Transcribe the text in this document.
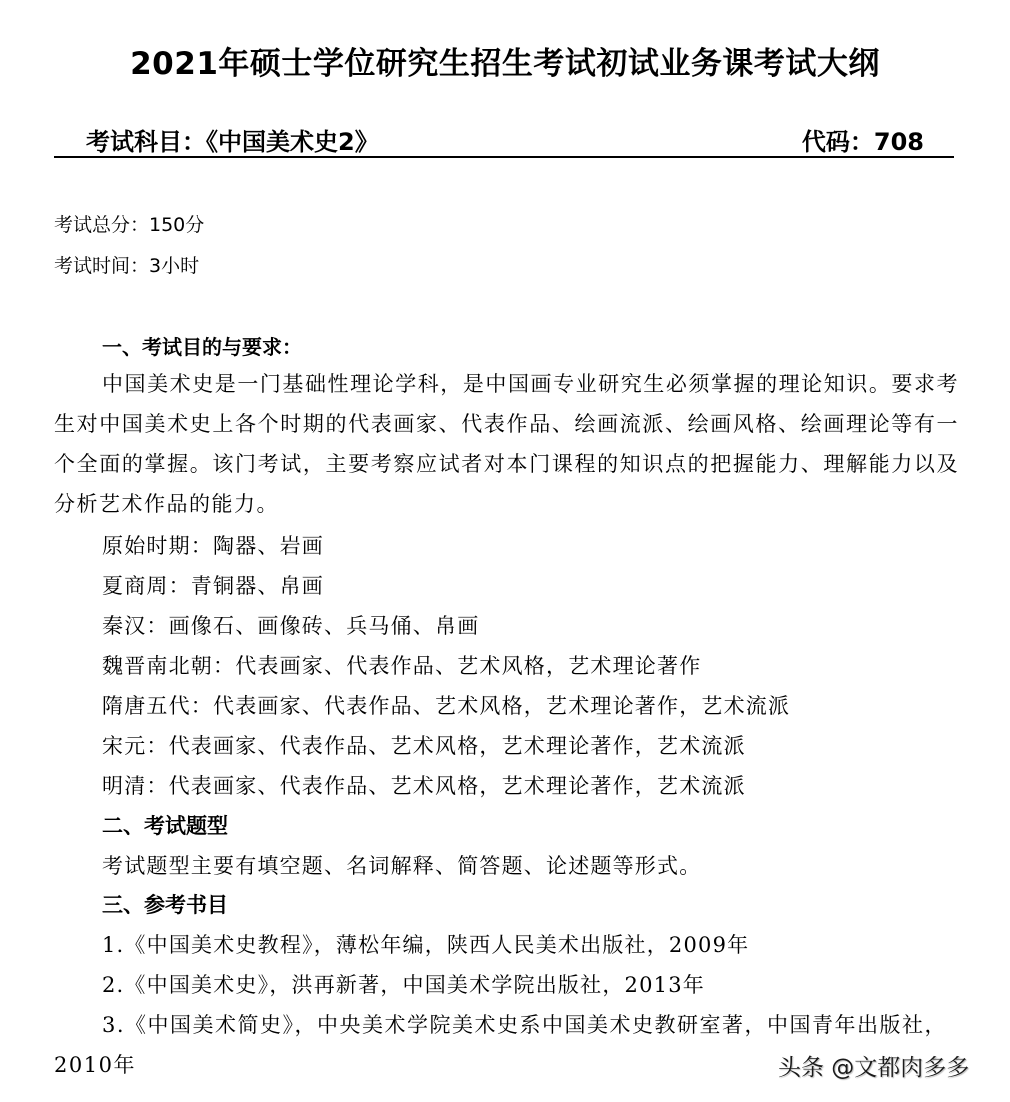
2021年硕士学位研究生招生考试初试业务课考试大纲
考试科目：《中国美术史2》	代码：708
考试总分：150分
考试时间：3小时
一、考试目的与要求：
中国美术史是一门基础性理论学科，是中国画专业研究生必须掌握的理论知识。要求考生对中国美术史上各个时期的代表画家、代表作品、绘画流派、绘画风格、绘画理论等有一个全面的掌握。该门考试，主要考察应试者对本门课程的知识点的把握能力、理解能力以及分析艺术作品的能力。
原始时期：陶器、岩画
夏商周：青铜器、帛画
秦汉：画像石、画像砖、兵马俑、帛画
魏晋南北朝：代表画家、代表作品、艺术风格，艺术理论著作
隋唐五代：代表画家、代表作品、艺术风格，艺术理论著作，艺术流派
宋元：代表画家、代表作品、艺术风格，艺术理论著作，艺术流派
明清：代表画家、代表作品、艺术风格，艺术理论著作，艺术流派
二、考试题型
考试题型主要有填空题、名词解释、简答题、论述题等形式。
三、参考书目
1.《中国美术史教程》，薄松年编，陕西人民美术出版社，2009年
2.《中国美术史》，洪再新著，中国美术学院出版社，2013年
3.《中国美术简史》，中央美术学院美术史系中国美术史教研室著，中国青年出版社，2010年	头条 @文都肉多多
